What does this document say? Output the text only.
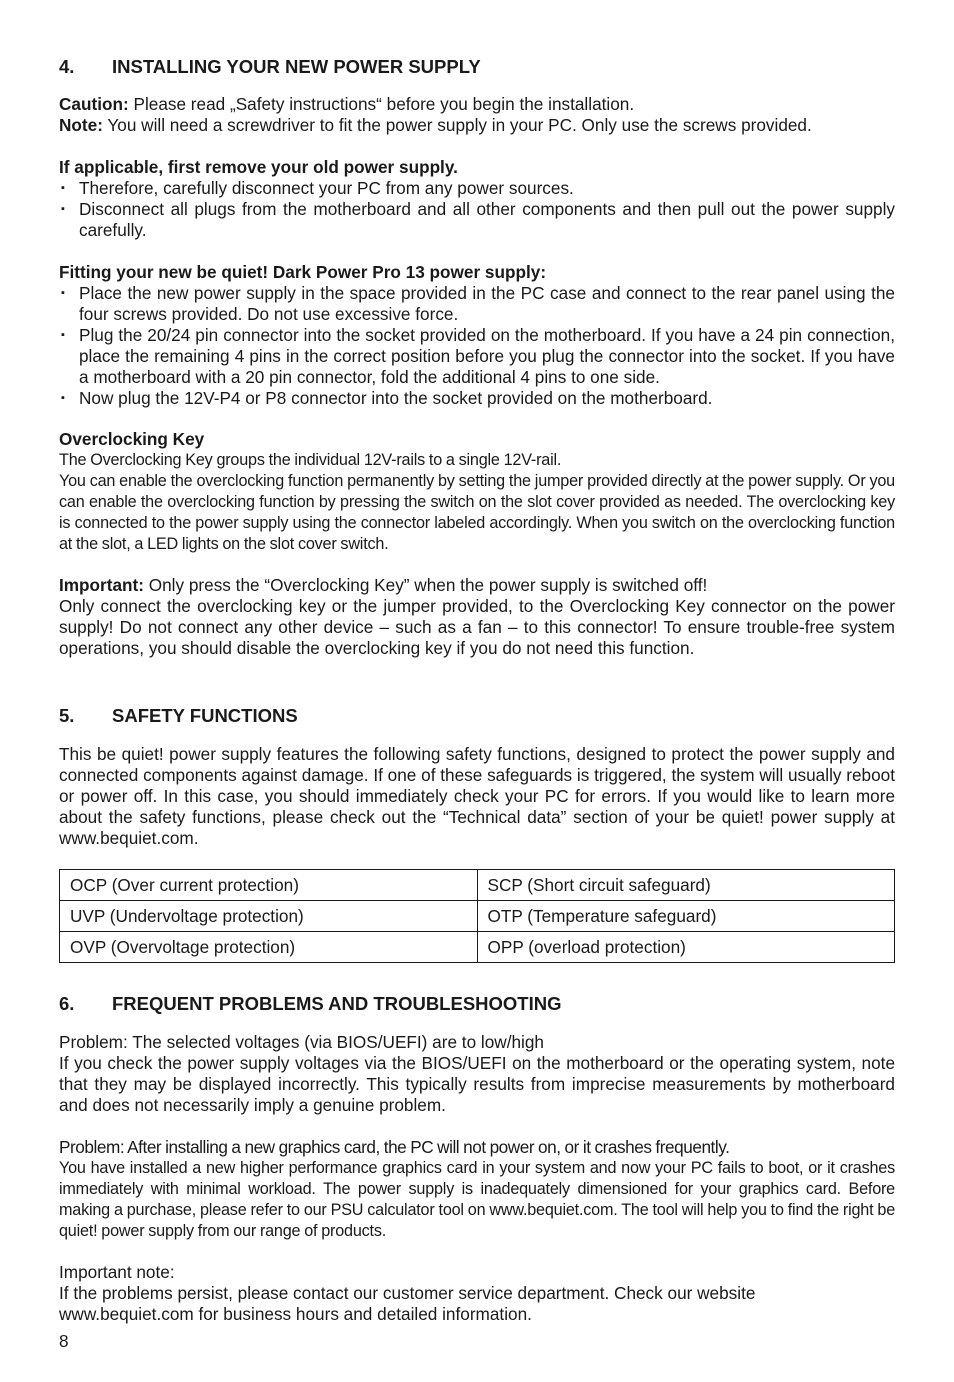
4.	INSTALLING YOUR NEW POWER SUPPLY

Caution: Please read „Safety instructions“ before you begin the installation.

Note: You will need a screwdriver to fit the power supply in your PC. Only use the screws provided.

If applicable, first remove your old power supply.

▪ Therefore, carefully disconnect your PC from any power sources.
▪ Disconnect all plugs from the motherboard and all other components and then pull out the power supply carefully.

Fitting your new be quiet! Dark Power Pro 13 power supply:

▪ Place the new power supply in the space provided in the PC case and connect to the rear panel using the four screws provided. Do not use excessive force.
▪ Plug the 20/24 pin connector into the socket provided on the motherboard. If you have a 24 pin connection, place the remaining 4 pins in the correct position before you plug the connector into the socket. If you have a motherboard with a 20 pin connector, fold the additional 4 pins to one side.
▪ Now plug the 12V-P4 or P8 connector into the socket provided on the motherboard.

Overclocking Key

The Overclocking Key groups the individual 12V-rails to a single 12V-rail.

You can enable the overclocking function permanently by setting the jumper provided directly at the power supply. Or you can enable the overclocking function by pressing the switch on the slot cover provided as needed. The overclocking key is connected to the power supply using the connector labeled accordingly. When you switch on the overclocking function at the slot, a LED lights on the slot cover switch.

Important: Only press the “Overclocking Key” when the power supply is switched off!

Only connect the overclocking key or the jumper provided, to the Overclocking Key connector on the power supply! Do not connect any other device – such as a fan – to this connector! To ensure trouble-free system operations, you should disable the overclocking key if you do not need this function.

5.	SAFETY FUNCTIONS

This be quiet! power supply features the following safety functions, designed to protect the power supply and connected components against damage. If one of these safeguards is triggered, the system will usually reboot or power off. In this case, you should immediately check your PC for errors. If you would like to learn more about the safety functions, please check out the “Technical data” section of your be quiet! power supply at www.bequiet.com.

OCP (Over current protection)	SCP (Short circuit safeguard)
UVP (Undervoltage protection)	OTP (Temperature safeguard)
OVP (Overvoltage protection)	OPP (overload protection)
6.	FREQUENT PROBLEMS AND TROUBLESHOOTING

Problem: The selected voltages (via BIOS/UEFI) are to low/high

If you check the power supply voltages via the BIOS/UEFI on the motherboard or the operating system, note that they may be displayed incorrectly. This typically results from imprecise measurements by motherboard and does not necessarily imply a genuine problem.

Problem: After installing a new graphics card, the PC will not power on, or it crashes frequently.

You have installed a new higher performance graphics card in your system and now your PC fails to boot, or it crashes immediately with minimal workload. The power supply is inadequately dimensioned for your graphics card. Before making a purchase, please refer to our PSU calculator tool on www.bequiet.com. The tool will help you to find the right be quiet! power supply from our range of products.

Important note:

If the problems persist, please contact our customer service department. Check our website www.bequiet.com for business hours and detailed information.

8
